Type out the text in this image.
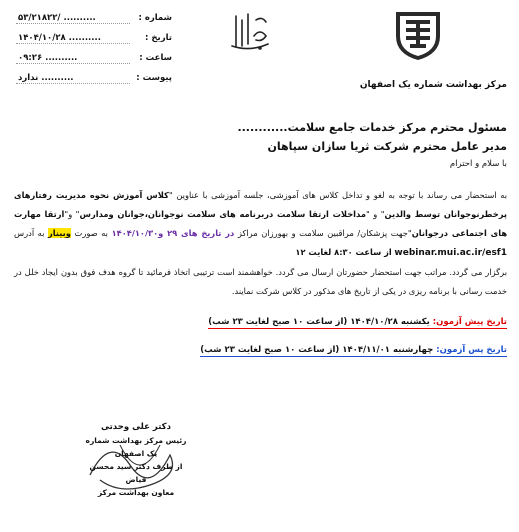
شماره :
۵۳/۲۱۸۲۲/ ..........
تاریخ :
۱۴۰۴/۱۰/۲۸ ..........
ساعت :
۰۹:۲۶ ..........
پیوست :
ندارد ..........
مرکز بهداشت شماره یک اصفهان
مسئول محترم مرکز خدمات جامع سلامت............
مدیر عامل محترم شرکت ثریا سازان سپاهان
با سلام و احترام
به استحضار می رساند با توجه به لغو و تداخل کلاس های آموزشی، جلسه آموزشی با عناوین "کلاس آموزش نحوه مدیریت رفتارهای پرخطرنوجوانان توسط والدین" و "مداخلات ارتقا سلامت دربرنامه های سلامت نوجوانان،جوانان ومدارس" و"ارتقا مهارت های اجتماعی درجوانان"جهت پزشکان/ مراقبین سلامت و بهورزان مراکز در تاریخ های ۲۹ و۱۴۰۴/۱۰/۳۰ به صورت وبینار به آدرس webinar.mui.ac.ir/esf1 از ساعت ۸:۳۰ لغایت ۱۲
برگزار می گردد. مراتب جهت استحضار حضورتان ارسال می گردد. خواهشمند است ترتیبی اتخاذ فرمائید تا گروه هدف فوق بدون ایجاد خلل در خدمت رسانی با برنامه ریزی در یکی از تاریخ های مذکور در کلاس شرکت نمایند.
تاریخ پیش آزمون: یکشنبه ۱۴۰۴/۱۰/۲۸ (از ساعت ۱۰ صبح لغایت ۲۳ شب)
تاریخ پس آزمون: چهارشنبه ۱۴۰۴/۱۱/۰۱ (از ساعت ۱۰ صبح لغایت ۲۳ شب)
دکتر علی وحدتی
رئیس مرکز بهداشت شماره یک اصفهان
از طرف دکتر سید محسن فیاض
معاون بهداشت مرکز
